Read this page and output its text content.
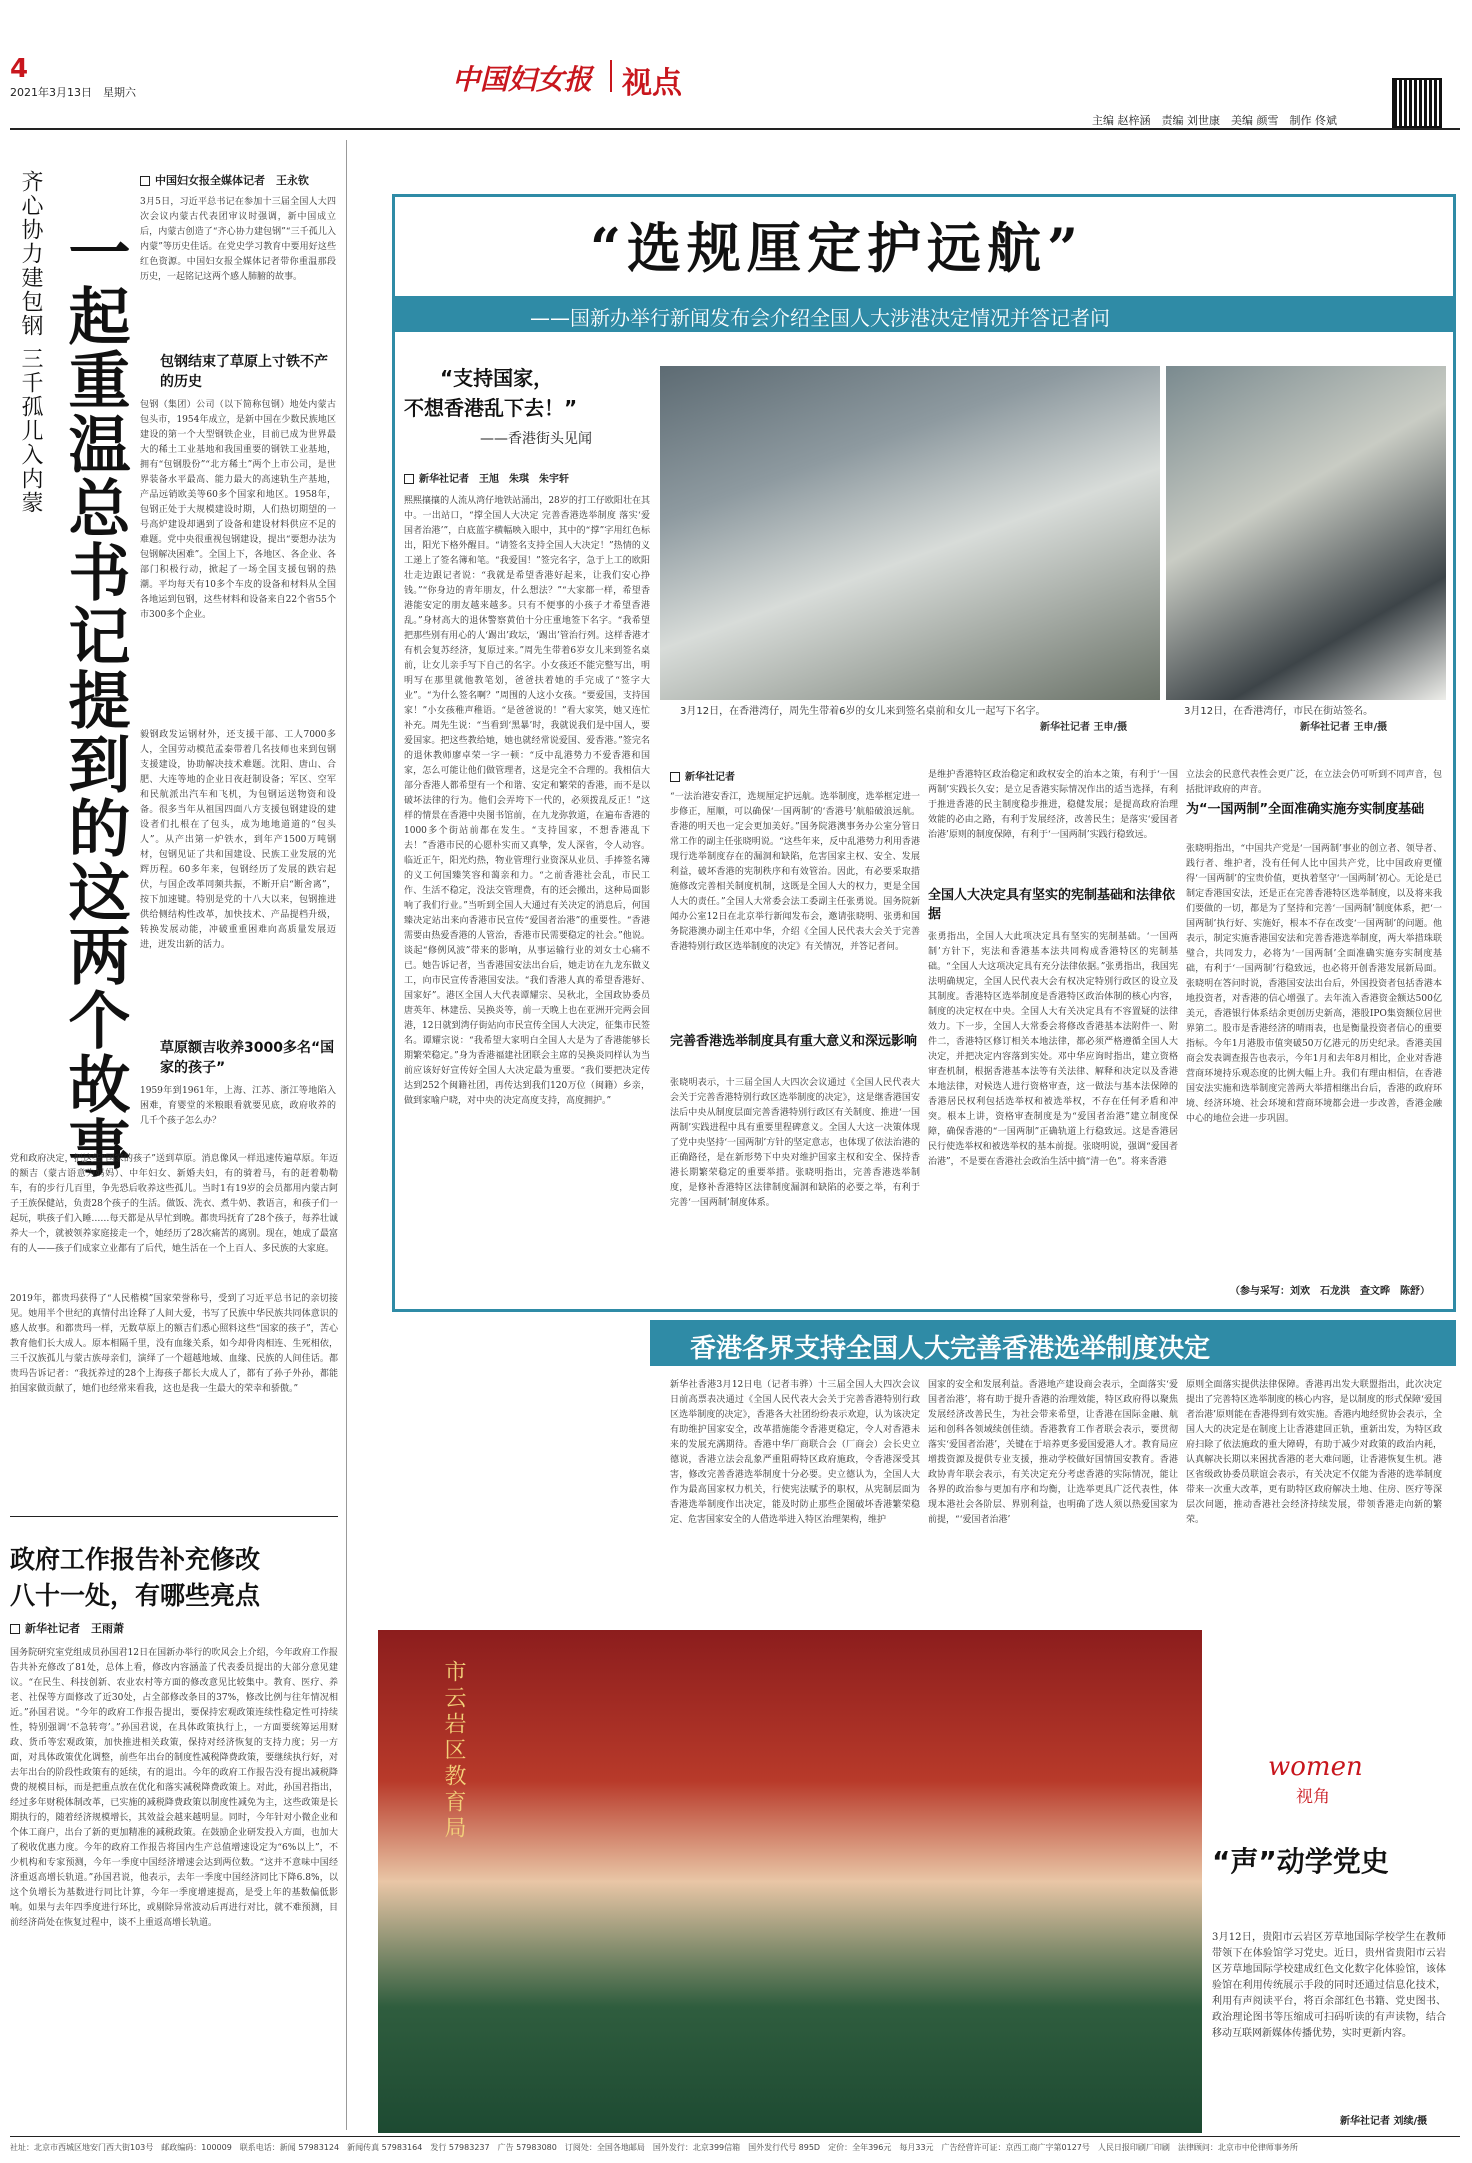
4
2021年3月13日　星期六	中国妇女报 视点
主编 赵梓涵　责编 刘世康　美编 颜雪　制作 佟斌
齐心协力建包钢 三千孤儿入内蒙 一起重温总书记提到的这两个故事
中国妇女报全媒体记者　王永钦
3月5日，习近平总书记在参加十三届全国人大四次会议内蒙古代表团审议时强调，新中国成立后，内蒙古创造了“齐心协力建包钢”“三千孤儿入内蒙”等历史佳话。在党史学习教育中要用好这些红色资源。中国妇女报全媒体记者带你重温那段历史，一起铭记这两个感人肺腑的故事。
包钢结束了草原上寸铁不产的历史
包钢（集团）公司（以下简称包钢）地处内蒙古包头市，1954年成立，是新中国在少数民族地区建设的第一个大型钢铁企业，目前已成为世界最大的稀土工业基地和我国重要的钢铁工业基地，拥有“包钢股份”“北方稀土”两个上市公司，是世界装备水平最高、能力最大的高速轨生产基地，产品远销欧美等60多个国家和地区。1958年，包钢正处于大规模建设时期，人们热切期望的一号高炉建设却遇到了设备和建设材料供应不足的难题。党中央很重视包钢建设，提出“要想办法为包钢解决困难”。全国上下，各地区、各企业、各部门积极行动，掀起了一场全国支援包钢的热潮。平均每天有10多个车皮的设备和材料从全国各地运到包钢，这些材料和设备来自22个省55个市300多个企业。
毅钢政发运钢材外，还支援干部、工人7000多人，全国劳动模范孟泰带着几名技师也来到包钢支援建设，协助解决技术难题。沈阳、唐山、合肥、大连等地的企业日夜赶制设备；军区、空军和民航派出汽车和飞机，为包钢运送物资和设备。很多当年从祖国四面八方支援包钢建设的建设者们扎根在了包头，成为地地道道的“包头人”。从产出第一炉铁水，到年产1500万吨钢材，包钢见证了共和国建设、民族工业发展的光辉历程。60多年来，包钢经历了发展的跌宕起伏，与国企改革同频共振，不断开启“断舍离”，按下加速键。特别是党的十八大以来，包钢推进供给侧结构性改革，加快技术、产品提档升级，转换发展动能，冲破重重困难向高质量发展迈进，迸发出新的活力。
草原额吉收养3000多名“国家的孩子”
1959年到1961年，上海、江苏、浙江等地陷入困难，育婴堂的米粮眼看就要见底，政府收养的几千个孩子怎么办？
党和政府决定，把这些“国家的孩子”送到草原。消息像风一样迅速传遍草原。年迈的额吉（蒙古语意为妈妈）、中年妇女、新婚夫妇，有的骑着马，有的赶着勒勒车，有的步行几百里，争先恐后收养这些孤儿。当时1有19岁的会员都用内蒙古阿子王族保健站，负责28个孩子的生活。做饭、洗衣、煮牛奶、教语言，和孩子们一起玩，哄孩子们入睡……每天都是从早忙到晚。都贵玛抚育了28个孩子，每养壮诚养大一个，就被领养家庭接走一个，她经历了28次痛苦的离别。现在，她成了最富有的人——孩子们成家立业都有了后代，她生活在一个上百人、多民族的大家庭。
2019年，都贵玛获得了“人民楷模”国家荣誉称号，受到了习近平总书记的亲切接见。她用半个世纪的真情付出诠释了人间大爱，书写了民族中华民族共同体意识的感人故事。和都贵玛一样，无数草原上的额吉们悉心照料这些“国家的孩子”，苦心教育他们长大成人。原本相隔千里，没有血缘关系，如今却骨肉相连、生死相依，三千汉族孤儿与蒙古族母亲们，演绎了一个超越地域、血缘、民族的人间佳话。都贵玛告诉记者：“我抚养过的28个上海孩子都长大成人了，都有了孙子外孙，都能拍国家做贡献了，她们也经常来看我，这也是我一生最大的荣幸和骄傲。”
政府工作报告补充修改
八十一处，有哪些亮点
新华社记者　王雨萧
国务院研究室党组成员孙国君12日在国新办举行的吹风会上介绍，今年政府工作报告共补充修改了81处，总体上看，修改内容涵盖了代表委员提出的大部分意见建议。“在民生、科技创新、农业农村等方面的修改意见比较集中。教育、医疗、养老、社保等方面修改了近30处，占全部修改条目的37%，修改比例与往年情况相近。”孙国君说。“今年的政府工作报告提出，要保持宏观政策连续性稳定性可持续性，特别强调‘不急转弯’。”孙国君说，在具体政策执行上，一方面要统筹运用财政、货币等宏观政策，加快推进相关政策，保持对经济恢复的支持力度；另一方面，对具体政策优化调整，前些年出台的制度性减税降费政策，要继续执行好，对去年出台的阶段性政策有的延续，有的退出。今年的政府工作报告没有提出减税降费的规模目标，而是把重点放在优化和落实减税降费政策上。对此，孙国君指出，经过多年财税体制改革，已实施的减税降费政策以制度性减免为主，这些政策是长期执行的，随着经济规模增长，其效益会越来越明显。同时，今年针对小微企业和个体工商户，出台了新的更加精准的减税政策。在鼓励企业研发投入方面，也加大了税收优惠力度。今年的政府工作报告将国内生产总值增速设定为“6%以上”，不少机构和专家预测，今年一季度中国经济增速会达到两位数。“这并不意味中国经济重返高增长轨道。”孙国君说，他表示，去年一季度中国经济同比下降6.8%，以这个负增长为基数进行同比计算，今年一季度增速提高，是受上年的基数偏低影响。如果与去年四季度进行环比，或剔除异常波动后再进行对比，就不难预测，目前经济尚处在恢复过程中，谈不上重返高增长轨道。
“选规厘定护远航”
——国新办举行新闻发布会介绍全国人大涉港决定情况并答记者问
“支持国家，
不想香港乱下去！”
——香港街头见闻
新华社记者　王旭　朱琪　朱宇轩
熙熙攘攘的人流从湾仔地铁站涌出，28岁的打工仔欧阳壮在其中。一出站口，“撑全国人大决定 完善香港选举制度 落实‘爱国者治港’”，白底蓝字横幅映入眼中，其中的“撑”字用红色标出，阳光下格外醒目。“请签名支持全国人大决定！”热情的义工递上了签名簿和笔。“我爱国！”签完名字，急于上工的欧阳壮走边跟记者说：“我就是希望香港好起来，让我们安心挣钱。”“你身边的青年朋友，什么想法？”“大家都一样，希望香港能安定的朋友越来越多。只有不便事的小孩子才希望香港乱。”身材高大的退休警察黄伯十分庄重地签下名字。“我希望把那些别有用心的人‘踢出’政坛，‘踢出’管治行列。这样香港才有机会复苏经济，复原过来。”周先生带着6岁女儿来到签名桌前，让女儿亲手写下自己的名字。小女孩还不能完整写出，明明写在那里就他教笔划，爸爸扶着她的手完成了“签字大业”。“为什么签名啊？”周围的人这小女孩。“要爱国，支持国家！”小女孩稚声稚语。“是爸爸说的！”看大家笑，她又连忙补充。周先生说：“当看到‘黑暴’时，我就说我们是中国人，要爱国家。把这些教给她，她也就经常说爱国、爱香港。”签完名的退休教师廖卓荣一字一顿：“反中乱港势力不爱香港和国家，怎么可能让他们做管理者，这是完全不合理的。我相信大部分香港人都希望有一个和谐、安定和繁荣的香港，而不是以破坏法律的行为。他们会弄垮下一代的，必须拨乱反正！”这样的情景在香港中央图书馆前，在九龙弥敦道，在遍布香港的1000多个街站前都在发生。“支持国家，不想香港乱下去！”香港市民的心愿朴实而又真挚，发人深省，令人动容。临近正午，阳光灼热，物业管理行业资深从业员、手捧签名簿的义工何国臻笑容和蔼亲和力。“之前香港社会乱，市民工作、生活不稳定，没法交管理费，有的还会搬出，这种局面影响了我们行业。”当听到全国人大通过有关决定的消息后，何国臻决定站出来向香港市民宣传“爱国者治港”的重要性。“香港需要由热爱香港的人管治，香港市民需要稳定的社会。”他说。谈起“修例风波”带来的影响，从事运输行业的刘女士心痛不已。她告诉记者，当香港国安法出台后，她走访在九龙东做义工，向市民宣传香港国安法。“我们香港人真的希望香港好、国家好”。港区全国人大代表谭耀宗、吴秋北，全国政协委员唐英年、林建岳、吴换炎等，前一天晚上也在亚洲开完两会回港，12日就到湾仔街站向市民宣传全国人大决定，征集市民签名。谭耀宗说：“我希望大家明白全国人大是为了香港能够长期繁荣稳定。”身为香港福建社团联会主席的吴换炎同样认为当前应该好好宣传好全国人大决定最为重要。“我们要把决定传达到252个闽籍社团，再传达到我们120万位（闽籍）乡亲，做到家喻户晓，对中央的决定高度支持，高度拥护。”
3月12日，在香港湾仔，周先生带着6岁的女儿来到签名桌前和女儿一起写下名字。
新华社记者 王申/摄
3月12日，在香港湾仔，市民在街站签名。
新华社记者 王申/摄
新华社记者
“一法治港安香江，选规厘定护远航。选举制度，选举框定进一步修正，厘顺，可以确保‘一国两制’的‘香港号’航船破浪远航。香港的明天也一定会更加美好。”国务院港澳事务办公室分管日常工作的副主任张晓明说。“这些年来，反中乱港势力利用香港现行选举制度存在的漏洞和缺陷，危害国家主权、安全、发展利益，破坏香港的宪制秩序和有效管治。因此，有必要采取措施修改完善相关制度机制，这既是全国人大的权力，更是全国人大的责任。”全国人大常委会法工委副主任张勇说。国务院新闻办公室12日在北京举行新闻发布会，邀请张晓明、张勇和国务院港澳办副主任邓中华，介绍《全国人民代表大会关于完善香港特别行政区选举制度的决定》有关情况，并答记者问。
完善香港选举制度具有重大意义和深远影响
张晓明表示，十三届全国人大四次会议通过《全国人民代表大会关于完善香港特别行政区选举制度的决定》，这是继香港国安法后中央从制度层面完善香港特别行政区有关制度、推进‘一国两制’实践进程中具有重要里程碑意义。全国人大这一决策体现了党中央坚持‘一国两制’方针的坚定意志，也体现了依法治港的正确路径，是在新形势下中央对维护国家主权和安全、保持香港长期繁荣稳定的重要举措。张晓明指出，完善香港选举制度，是修补香港特区法律制度漏洞和缺陷的必要之举，有利于完善‘一国两制’制度体系。
是维护香港特区政治稳定和政权安全的治本之策，有利于‘一国两制’实践长久安；是立足香港实际情况作出的适当选择，有利于推进香港的民主制度稳步推进，稳健发展；是提高政府治理效能的必由之路，有利于发展经济，改善民生；是落实‘爱国者治港’原则的制度保障，有利于‘一国两制’实践行稳致远。
全国人大决定具有坚实的宪制基础和法律依据
张勇指出，全国人大此项决定具有坚实的宪制基础。‘一国两制’方针下，宪法和香港基本法共同构成香港特区的宪制基础。“全国人大这项决定具有充分法律依据。”张勇指出，我国宪法明确规定，全国人民代表大会有权决定特别行政区的设立及其制度。香港特区选举制度是香港特区政治体制的核心内容，制度的决定权在中央。全国人大有关决定具有不容置疑的法律效力。下一步，全国人大常委会将修改香港基本法附件一、附件二，香港特区修订相关本地法律，都必须严格遵循全国人大决定，并把决定内容落到实处。邓中华应询时指出，建立资格审查机制，根据香港基本法等有关法律、解释和决定以及香港本地法律，对候选人进行资格审查，这一做法与基本法保障的香港居民权利包括选举权和被选举权，不存在任何矛盾和冲突。根本上讲，资格审查制度是为“爱国者治港”建立制度保障，确保香港的“一国两制”正确轨道上行稳致远。这是香港居民行使选举权和被选举权的基本前提。张晓明说，强调“爱国者治港”，不是要在香港社会政治生活中搞“清一色”。将来香港
立法会的民意代表性会更广泛，在立法会仍可听到不同声音，包括批评政府的声音。
为“一国两制”全面准确实施夯实制度基础
张晓明指出，“中国共产党是‘一国两制’事业的创立者、领导者、践行者、维护者，没有任何人比中国共产党，比中国政府更懂得‘一国两制’的宝贵价值，更执着坚守‘一国两制’初心。无论是已制定香港国安法，还是正在完善香港特区选举制度，以及将来我们要做的一切，都是为了坚持和完善‘一国两制’制度体系，把‘一国两制’执行好、实施好，根本不存在改变‘一国两制’的问题。他表示，制定实施香港国安法和完善香港选举制度，两大举措珠联璧合，共同发力，必将为‘一国两制’全面准确实施夯实制度基础，有利于‘一国两制’行稳致远，也必将开创香港发展新局面。张晓明在答问时说，香港国安法出台后，外国投资者包括香港本地投资者，对香港的信心增强了。去年流入香港资金额达500亿美元，香港银行体系结余更创历史新高，港股IPO集资额位居世界第二。股市是香港经济的晴雨表，也是衡量投资者信心的重要指标。今年1月港股市值突破50万亿港元的历史纪录。香港美国商会发表调查报告也表示，今年1月和去年8月相比，企业对香港营商环境持乐观态度的比例大幅上升。我们有理由相信，在香港国安法实施和选举制度完善两大举措相继出台后，香港的政府环境、经济环境、社会环境和营商环境都会进一步改善，香港金融中心的地位会进一步巩固。
（参与采写：刘欢　石龙洪　查文晔　陈舒）
香港各界支持全国人大完善香港选举制度决定
新华社香港3月12日电（记者韦骅）十三届全国人大四次会议日前高票表决通过《全国人民代表大会关于完善香港特别行政区选举制度的决定》，香港各大社团纷纷表示欢迎，认为该决定有助维护国家安全，改革措施能令香港更稳定，令人对香港未来的发展充满期待。香港中华厂商联合会（厂商会）会长史立德说，香港立法会乱象严重阻碍特区政府施政，令香港深受其害，修改完善香港选举制度十分必要。史立德认为，全国人大作为最高国家权力机关，行使宪法赋予的职权，从宪制层面为香港选举制度作出决定，能及时防止那些企图破坏香港繁荣稳定、危害国家安全的人借选举进入特区治理架构，维护
国家的安全和发展利益。香港地产建设商会表示，全面落实‘爱国者治港’，将有助于提升香港的治理效能，特区政府得以聚焦发展经济改善民生，为社会带来希望，让香港在国际金融、航运和创科各领域续创佳绩。香港教育工作者联会表示，要贯彻落实‘爱国者治港’，关键在于培养更多爱国爱港人才。教育局应增拨资源及提供专业支援，推动学校做好国情国安教育。香港政协青年联会表示，有关决定充分考虑香港的实际情况，能让各界的政治参与更加有序和均衡，让选举更具广泛代表性，体现本港社会各阶层、界别利益，也明确了选人须以热爱国家为前提，“‘爱国者治港’
原则全面落实提供法律保障。香港再出发大联盟指出，此次决定提出了完善特区选举制度的核心内容，是以制度的形式保障‘爱国者治港’原则能在香港得到有效实施。香港内地经贸协会表示，全国人大的决定是在制度上让香港建回正轨，重新出发，为特区政府扫除了依法施政的重大障碍，有助于减少对政策的政治内耗，认真解决长期以来困扰香港的老大难问题，让香港恢复生机。港区省级政协委员联谊会表示，有关决定不仅能为香港的选举制度带来一次重大改革，更有助特区政府解决土地、住房、医疗等深层次问题，推动香港社会经济持续发展，带领香港走向新的繁荣。
市云岩区教育局	women
视角
“声”动学党史
3月12日，贵阳市云岩区芳草地国际学校学生在教师带领下在体验馆学习党史。近日，贵州省贵阳市云岩区芳草地国际学校建成红色文化数字化体验馆，该体验馆在利用传统展示手段的同时还通过信息化技术，利用有声阅读平台，将百余部红色书籍、党史图书、政治理论图书等压缩成可扫码听读的有声读物，结合移动互联网新媒体传播优势，实时更新内容。
新华社记者 刘续/摄
社址：北京市西城区地安门西大街103号　邮政编码：100009　联系电话：新闻 57983124　新闻传真 57983164　发行 57983237　广告 57983080　订阅处：全国各地邮局　国外发行：北京399信箱　国外发行代号 895D　定价：全年396元　每月33元　广告经营许可证：京西工商广字第0127号　人民日报印刷厂印刷　法律顾问：北京市中伦律师事务所
